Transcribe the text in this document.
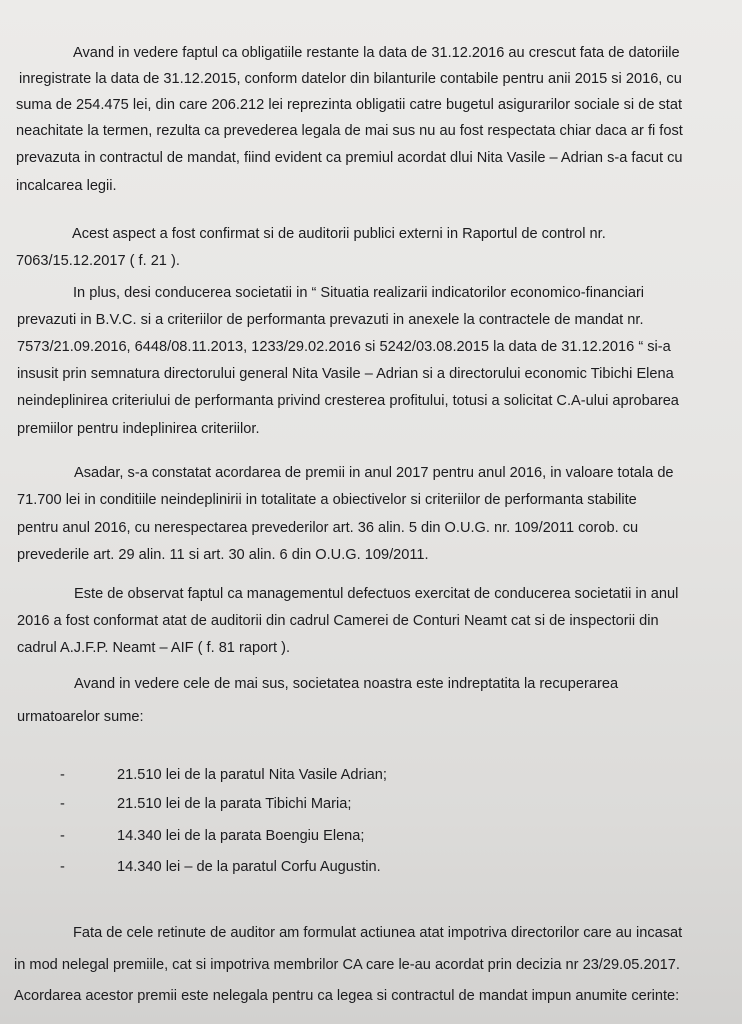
Avand in vedere faptul ca obligatiile restante la data de 31.12.2016 au crescut fata de datoriile
inregistrate la data de 31.12.2015, conform datelor din bilanturile contabile pentru anii 2015 si 2016, cu
suma de 254.475 lei, din care 206.212 lei reprezinta obligatii catre bugetul asigurarilor sociale si de stat
neachitate la termen, rezulta ca prevederea legala de mai sus nu au fost respectata chiar daca ar fi fost
prevazuta in contractul de mandat, fiind evident ca premiul acordat dlui Nita Vasile – Adrian s-a facut cu
incalcarea legii.
Acest aspect a fost confirmat si de auditorii publici externi in Raportul de control nr.
7063/15.12.2017 ( f. 21 ).
In plus, desi conducerea societatii in “ Situatia realizarii indicatorilor economico-financiari
prevazuti in B.V.C. si a criteriilor de performanta prevazuti in anexele la contractele de mandat nr.
7573/21.09.2016, 6448/08.11.2013, 1233/29.02.2016 si 5242/03.08.2015 la data de 31.12.2016 “ si-a
insusit prin semnatura directorului general Nita Vasile – Adrian si a directorului economic Tibichi Elena
neindeplinirea criteriului de performanta privind cresterea profitului, totusi a solicitat C.A-ului aprobarea
premiilor pentru indeplinirea criteriilor.
Asadar, s-a constatat acordarea de premii in anul 2017 pentru anul 2016, in valoare totala de
71.700 lei in conditiile neindeplinirii in totalitate a obiectivelor si criteriilor de performanta stabilite
pentru anul 2016, cu nerespectarea prevederilor art. 36 alin. 5 din O.U.G. nr. 109/2011 corob. cu
prevederile art. 29 alin. 11 si art. 30 alin. 6 din O.U.G. 109/2011.
Este de observat faptul ca managementul defectuos exercitat de conducerea societatii in anul
2016 a fost conformat atat de auditorii din cadrul Camerei de Conturi Neamt cat si de inspectorii din
cadrul A.J.F.P. Neamt – AIF ( f. 81 raport ).
Avand in vedere cele de mai sus, societatea noastra este indreptatita la recuperarea
urmatoarelor sume:
-	21.510 lei de la paratul Nita Vasile Adrian;
-	21.510 lei de la parata Tibichi Maria;
-	14.340 lei de la parata Boengiu Elena;
-	14.340 lei – de la paratul Corfu Augustin.
Fata de cele retinute de auditor am formulat actiunea atat impotriva directorilor care au incasat
in mod nelegal premiile, cat si impotriva membrilor CA care le-au acordat prin decizia nr 23/29.05.2017.
Acordarea acestor premii este nelegala pentru ca legea si contractul de mandat impun anumite cerinte:
